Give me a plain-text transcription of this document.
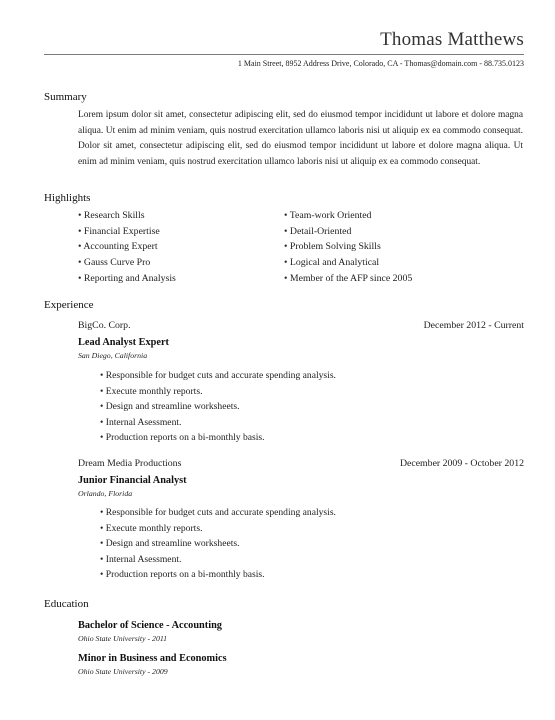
Thomas Matthews
1 Main Street, 8952 Address Drive, Colorado, CA - Thomas@domain.com - 88.735.0123
Summary
Lorem ipsum dolor sit amet, consectetur adipiscing elit, sed do eiusmod tempor incididunt ut labore et dolore magna aliqua. Ut enim ad minim veniam, quis nostrud exercitation ullamco laboris nisi ut aliquip ex ea commodo consequat. Dolor sit amet, consectetur adipiscing elit, sed do eiusmod tempor incididunt ut labore et dolore magna aliqua. Ut enim ad minim veniam, quis nostrud exercitation ullamco laboris nisi ut aliquip ex ea commodo consequat.
Highlights
• Research Skills
• Financial Expertise
• Accounting Expert
• Gauss Curve Pro
• Reporting and Analysis
• Team-work Oriented
• Detail-Oriented
• Problem Solving Skills
• Logical and Analytical
• Member of the AFP since 2005
Experience
BigCo. Corp.	December 2012 - Current
Lead Analyst Expert
San Diego, California
• Responsible for budget cuts and accurate spending analysis.
• Execute monthly reports.
• Design and streamline worksheets.
• Internal Asessment.
• Production reports on a bi-monthly basis.
Dream Media Productions	December 2009 - October 2012
Junior Financial Analyst
Orlando, Florida
• Responsible for budget cuts and accurate spending analysis.
• Execute monthly reports.
• Design and streamline worksheets.
• Internal Asessment.
• Production reports on a bi-monthly basis.
Education
Bachelor of Science - Accounting
Ohio State University - 2011
Minor in Business and Economics
Ohio State University - 2009
